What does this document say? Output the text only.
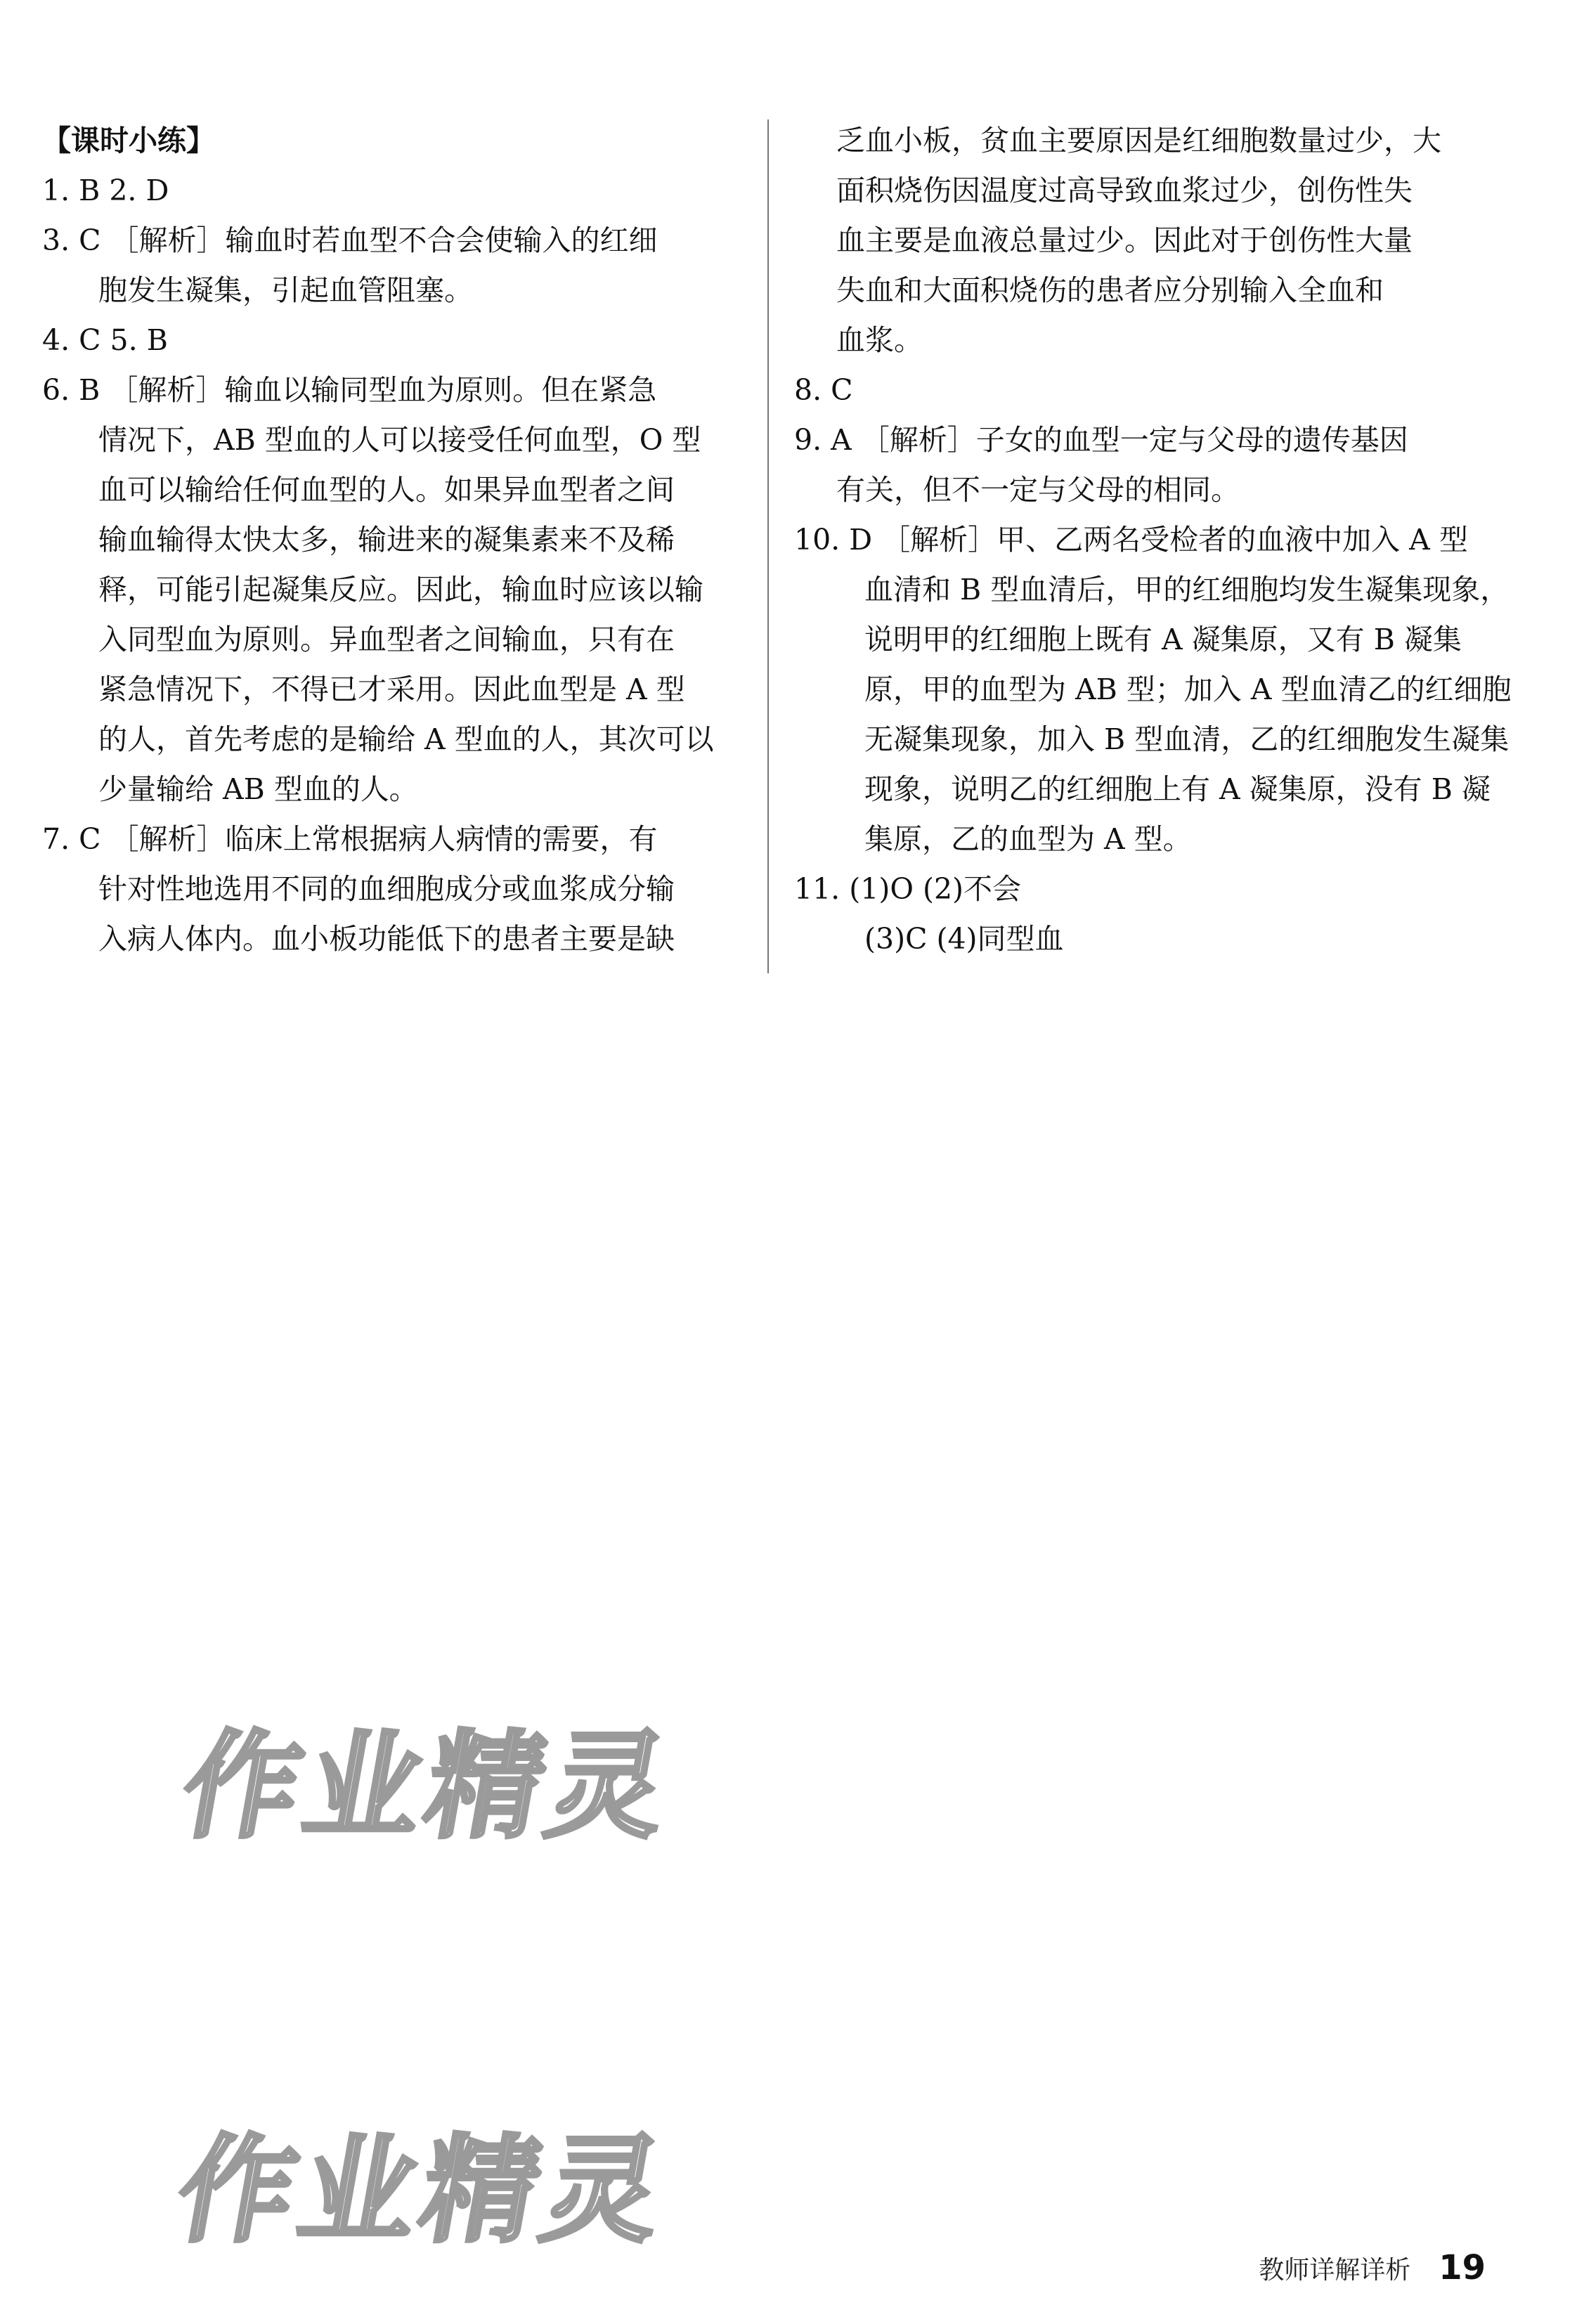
【课时小练】
1. B 2. D
3. C ［解析］输血时若血型不合会使输入的红细
胞发生凝集，引起血管阻塞。
4. C 5. B
6. B ［解析］输血以输同型血为原则。但在紧急
情况下，AB 型血的人可以接受任何血型，O 型
血可以输给任何血型的人。如果异血型者之间
输血输得太快太多，输进来的凝集素来不及稀
释，可能引起凝集反应。因此，输血时应该以输
入同型血为原则。异血型者之间输血，只有在
紧急情况下，不得已才采用。因此血型是 A 型
的人，首先考虑的是输给 A 型血的人，其次可以
少量输给 AB 型血的人。
7. C ［解析］临床上常根据病人病情的需要，有
针对性地选用不同的血细胞成分或血浆成分输
入病人体内。血小板功能低下的患者主要是缺
乏血小板，贫血主要原因是红细胞数量过少，大
面积烧伤因温度过高导致血浆过少，创伤性失
血主要是血液总量过少。因此对于创伤性大量
失血和大面积烧伤的患者应分别输入全血和
血浆。
8. C
9. A ［解析］子女的血型一定与父母的遗传基因
有关，但不一定与父母的相同。
10. D ［解析］甲、乙两名受检者的血液中加入 A 型
血清和 B 型血清后，甲的红细胞均发生凝集现象，
说明甲的红细胞上既有 A 凝集原，又有 B 凝集
原，甲的血型为 AB 型；加入 A 型血清乙的红细胞
无凝集现象，加入 B 型血清，乙的红细胞发生凝集
现象，说明乙的红细胞上有 A 凝集原，没有 B 凝
集原，乙的血型为 A 型。
11. (1)O (2)不会
(3)C (4)同型血
作业精灵
作业精灵
教师详解详析 19
